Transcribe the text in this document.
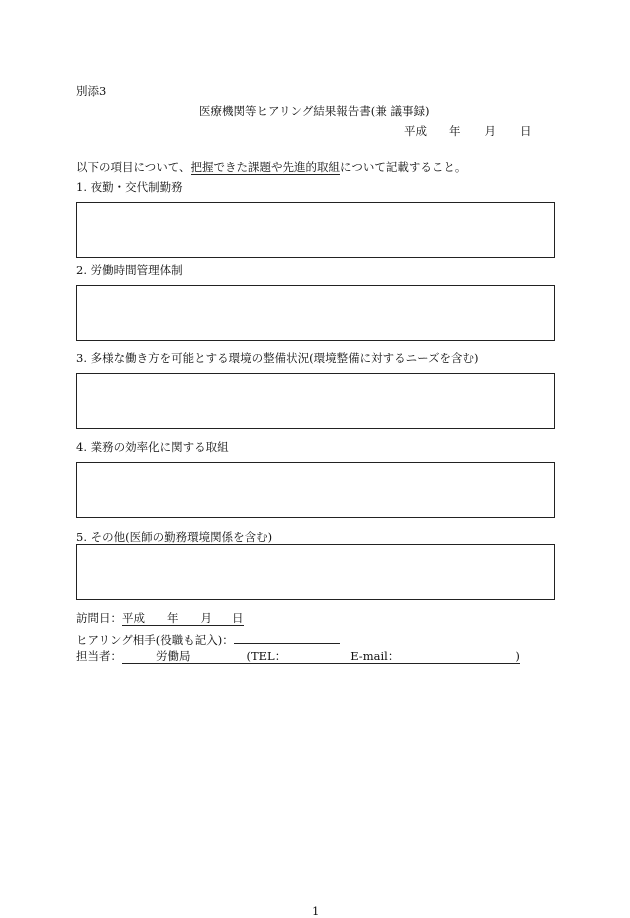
別添3
医療機関等ヒアリング結果報告書(兼 議事録)
平成 年 月 日
以下の項目について、把握できた課題や先進的取組について記載すること。
1. 夜勤・交代制勤務
2. 労働時間管理体制
3. 多様な働き方を可能とする環境の整備状況(環境整備に対するニーズを含む)
4. 業務の効率化に関する取組
5. その他(医師の勤務環境関係を含む)
訪問日：平成 年 月 日
ヒアリング相手(役職も記入)：
担当者：	労働局	(TEL：	E-mail：	)
1
